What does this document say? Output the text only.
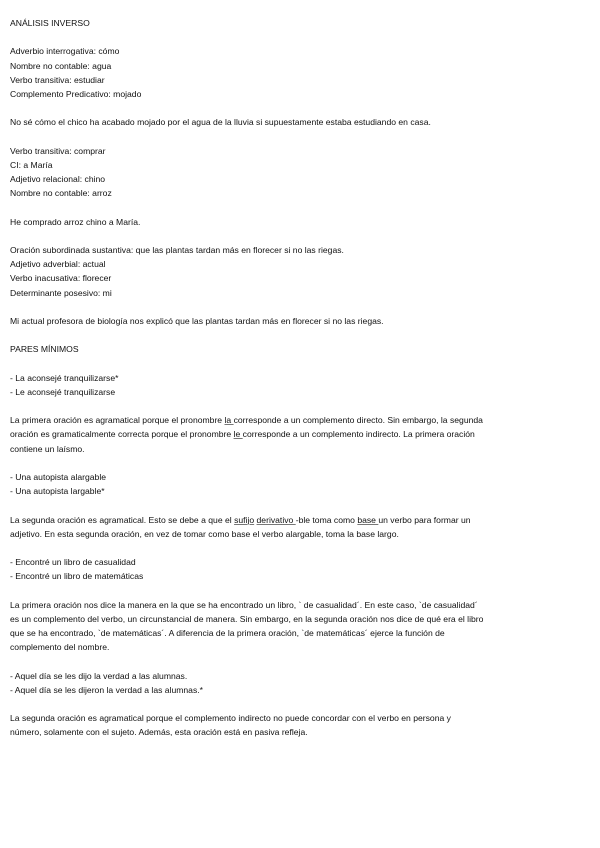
ANÁLISIS INVERSO
Adverbio interrogativa: cómo
Nombre no contable: agua
Verbo transitiva: estudiar
Complemento Predicativo: mojado
No sé cómo el chico ha acabado mojado por el agua de la lluvia si supuestamente estaba estudiando en casa.
Verbo transitiva: comprar
CI: a María
Adjetivo relacional: chino
Nombre no contable: arroz
He comprado arroz chino a María.
Oración subordinada sustantiva: que las plantas tardan más en florecer si no las riegas.
Adjetivo adverbial: actual
Verbo inacusativa: florecer
Determinante posesivo: mi
Mi actual profesora de biología nos explicó que las plantas tardan más en florecer si no las riegas.
PARES MÍNIMOS
- La aconsejé tranquilizarse*
- Le aconsejé tranquilizarse
La primera oración es agramatical porque el pronombre la corresponde a un complemento directo. Sin embargo, la segunda
oración es gramaticalmente correcta porque el pronombre le corresponde a un complemento indirecto. La primera oración
contiene un laísmo.
- Una autopista alargable
- Una autopista largable*
La segunda oración es agramatical. Esto se debe a que el sufijo derivativo -ble toma como base un verbo para formar un
adjetivo. En esta segunda oración, en vez de tomar como base el verbo alargable, toma la base largo.
- Encontré un libro de casualidad
- Encontré un libro de matemáticas
La primera oración nos dice la manera en la que se ha encontrado un libro, ` de casualidad´. En este caso, `de casualidad´
es un complemento del verbo, un circunstancial de manera. Sin embargo, en la segunda oración nos dice de qué era el libro
que se ha encontrado, `de matemáticas´. A diferencia de la primera oración, `de matemáticas´ ejerce la función de
complemento del nombre.
- Aquel día se les dijo la verdad a las alumnas.
- Aquel día se les dijeron la verdad a las alumnas.*
La segunda oración es agramatical porque el complemento indirecto no puede concordar con el verbo en persona y
número, solamente con el sujeto. Además, esta oración está en pasiva refleja.
